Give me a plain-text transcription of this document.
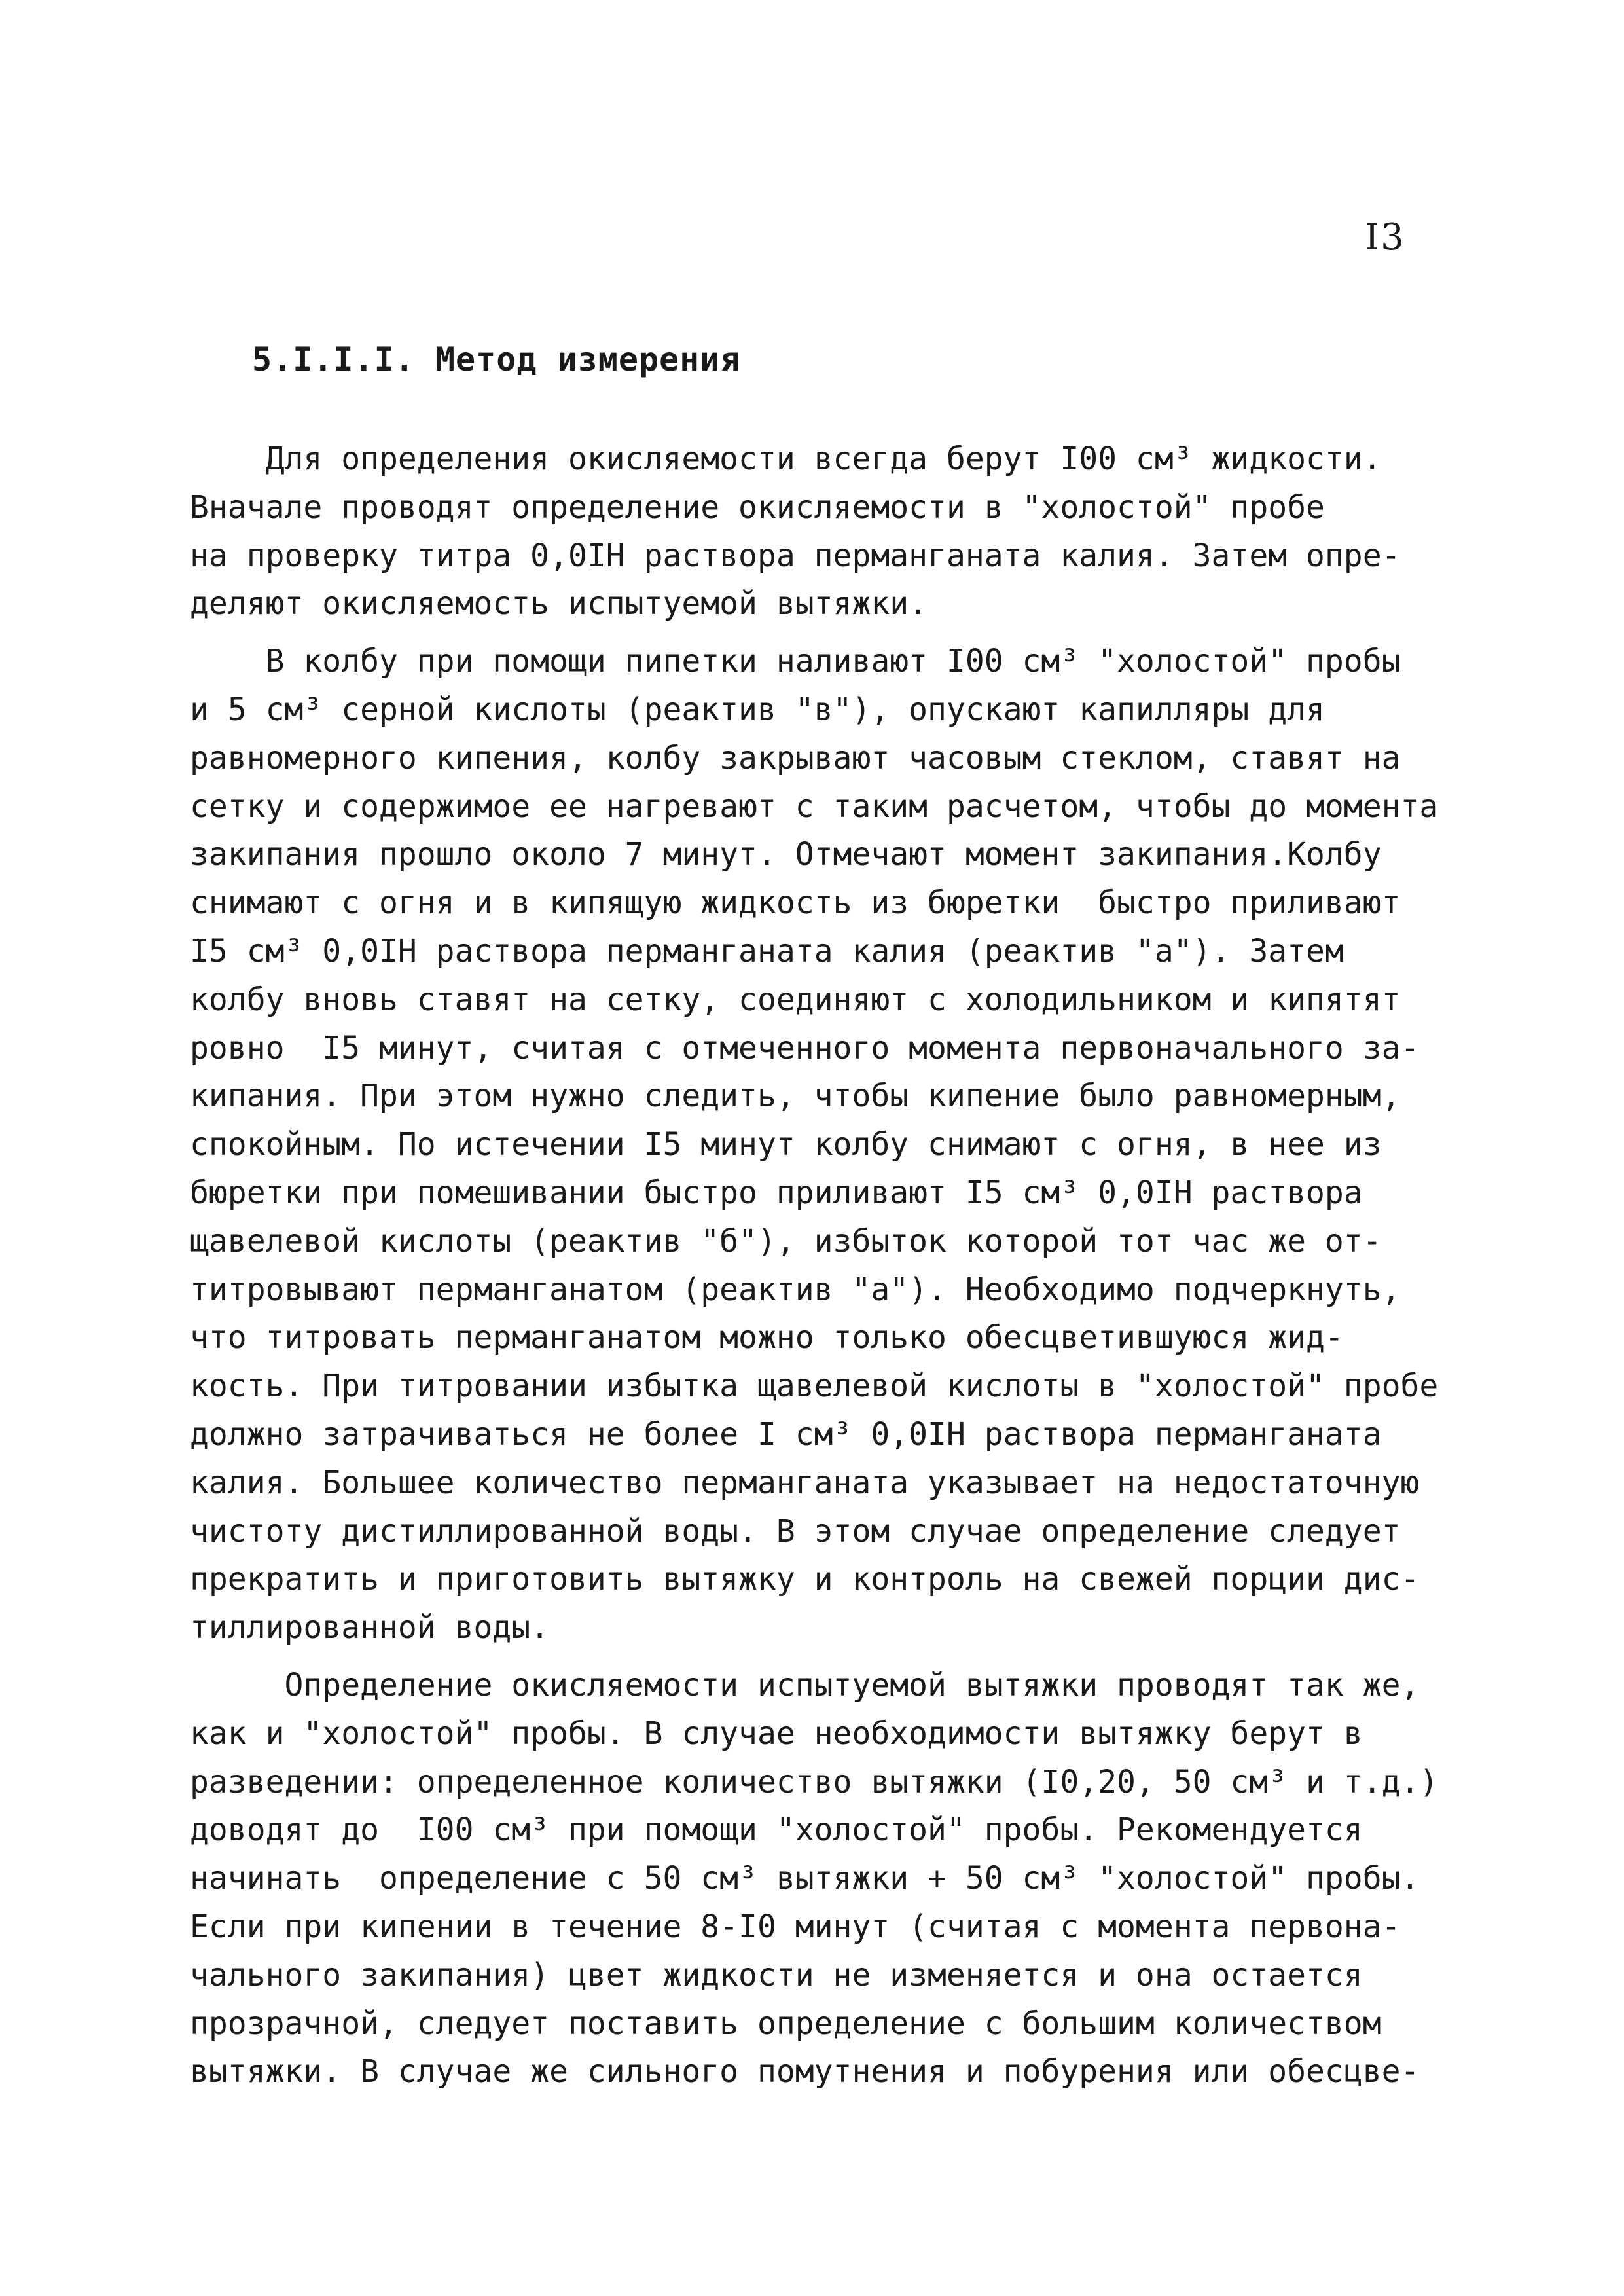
I3
5.I.I.I. Метод измерения
Для определения окисляемости всегда берут I00 см³ жидкости.
Вначале проводят определение окисляемости в "холостой" пробе
на проверку титра 0,0IН раствора перманганата калия. Затем опре-
деляют окисляемость испытуемой вытяжки.
В колбу при помощи пипетки наливают I00 см³ "холостой" пробы
и 5 см³ серной кислоты (реактив "в"), опускают капилляры для
равномерного кипения, колбу закрывают часовым стеклом, ставят на
сетку и содержимое ее нагревают с таким расчетом, чтобы до момента
закипания прошло около 7 минут. Отмечают момент закипания.Колбу
снимают с огня и в кипящую жидкость из бюретки  быстро приливают
I5 см³ 0,0IН раствора перманганата калия (реактив "а"). Затем
колбу вновь ставят на сетку, соединяют с холодильником и кипятят
ровно  I5 минут, считая с отмеченного момента первоначального за-
кипания. При этом нужно следить, чтобы кипение было равномерным,
спокойным. По истечении I5 минут колбу снимают с огня, в нее из
бюретки при помешивании быстро приливают I5 см³ 0,0IН раствора
щавелевой кислоты (реактив "б"), избыток которой тот час же от-
титровывают перманганатом (реактив "а"). Необходимо подчеркнуть,
что титровать перманганатом можно только обесцветившуюся жид-
кость. При титровании избытка щавелевой кислоты в "холостой" пробе
должно затрачиваться не более I см³ 0,0IН раствора перманганата
калия. Большее количество перманганата указывает на недостаточную
чистоту дистиллированной воды. В этом случае определение следует
прекратить и приготовить вытяжку и контроль на свежей порции дис-
тиллированной воды.
Определение окисляемости испытуемой вытяжки проводят так же,
как и "холостой" пробы. В случае необходимости вытяжку берут в
разведении: определенное количество вытяжки (I0,20, 50 см³ и т.д.)
доводят до  I00 см³ при помощи "холостой" пробы. Рекомендуется
начинать  определение с 50 см³ вытяжки + 50 см³ "холостой" пробы.
Если при кипении в течение 8-I0 минут (считая с момента первона-
чального закипания) цвет жидкости не изменяется и она остается
прозрачной, следует поставить определение с большим количеством
вытяжки. В случае же сильного помутнения и побурения или обесцве-
